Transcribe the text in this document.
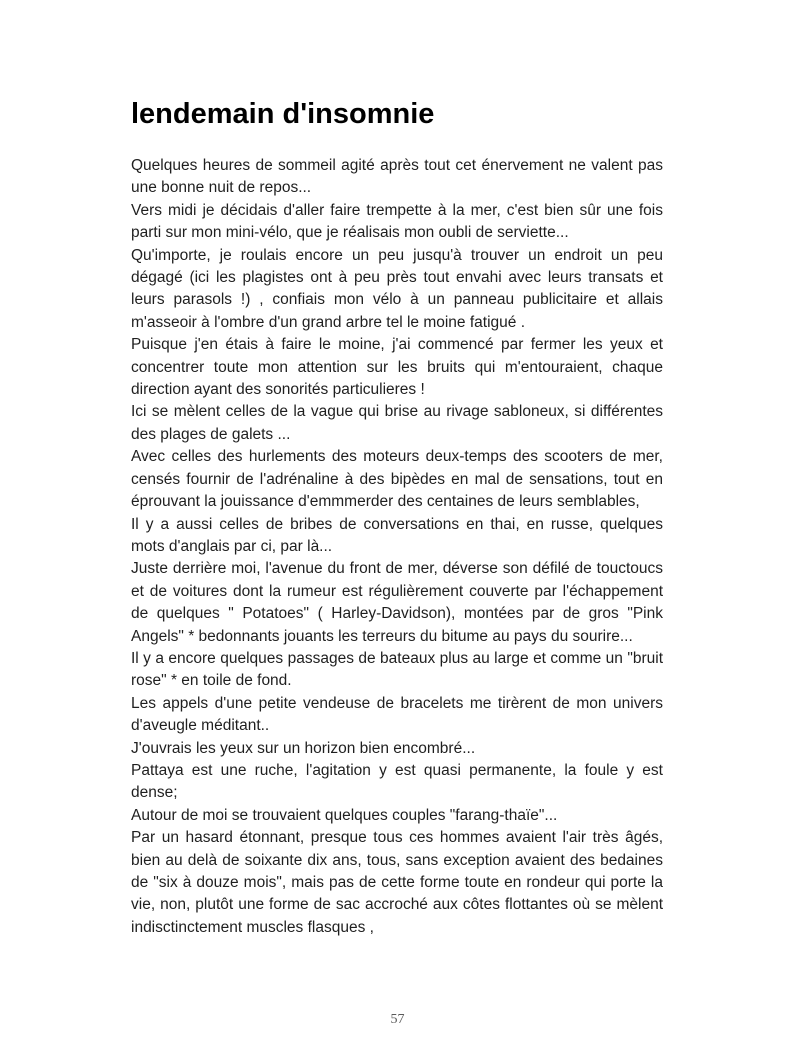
lendemain d'insomnie

Quelques heures de sommeil agité après tout cet énervement ne valent pas une bonne nuit de repos...

Vers midi je décidais d'aller faire trempette à la mer, c'est bien sûr une fois parti sur mon mini-vélo, que je réalisais mon oubli de serviette...

Qu'importe, je roulais encore un peu jusqu'à trouver un endroit un peu dégagé (ici les plagistes ont à peu près tout envahi avec leurs transats et leurs parasols !) , confiais mon vélo à un panneau publicitaire et allais m'asseoir à l'ombre d'un grand arbre tel le moine fatigué .

Puisque j'en étais à faire le moine, j'ai commencé par fermer les yeux et concentrer toute mon attention sur les bruits qui m'entouraient, chaque direction ayant des sonorités particulieres !

Ici se mèlent celles de la vague qui brise au rivage sabloneux, si différentes des plages de galets ...

Avec celles des hurlements des moteurs deux-temps des scooters de mer, censés fournir de l'adrénaline à des bipèdes en mal de sensations, tout en éprouvant la jouissance d'emmmerder des centaines de leurs semblables,

Il y a aussi celles de bribes de conversations en thai, en russe, quelques mots d'anglais par ci, par là...

Juste derrière moi, l'avenue du front de mer, déverse son défilé de touctoucs et de voitures dont la rumeur est régulièrement couverte par l'échappement de quelques " Potatoes" ( Harley-Davidson), montées par de gros "Pink Angels" * bedonnants jouants les terreurs du bitume au pays du sourire...

Il y a encore quelques passages de bateaux plus au large et comme un "bruit rose" * en toile de fond.

Les appels d'une petite vendeuse de bracelets me tirèrent de mon univers d'aveugle méditant..

J'ouvrais les yeux sur un horizon bien encombré...

Pattaya est une ruche, l'agitation y est quasi permanente, la foule y est dense;

Autour de moi se trouvaient quelques couples "farang-thaïe"...

Par un hasard étonnant, presque tous ces hommes avaient l'air très âgés, bien au delà de soixante dix ans, tous, sans exception avaient des bedaines de "six à douze mois", mais pas de cette forme toute en rondeur qui porte la vie, non, plutôt une forme de sac accroché aux côtes flottantes où se mèlent indisctinctement muscles flasques ,

57
